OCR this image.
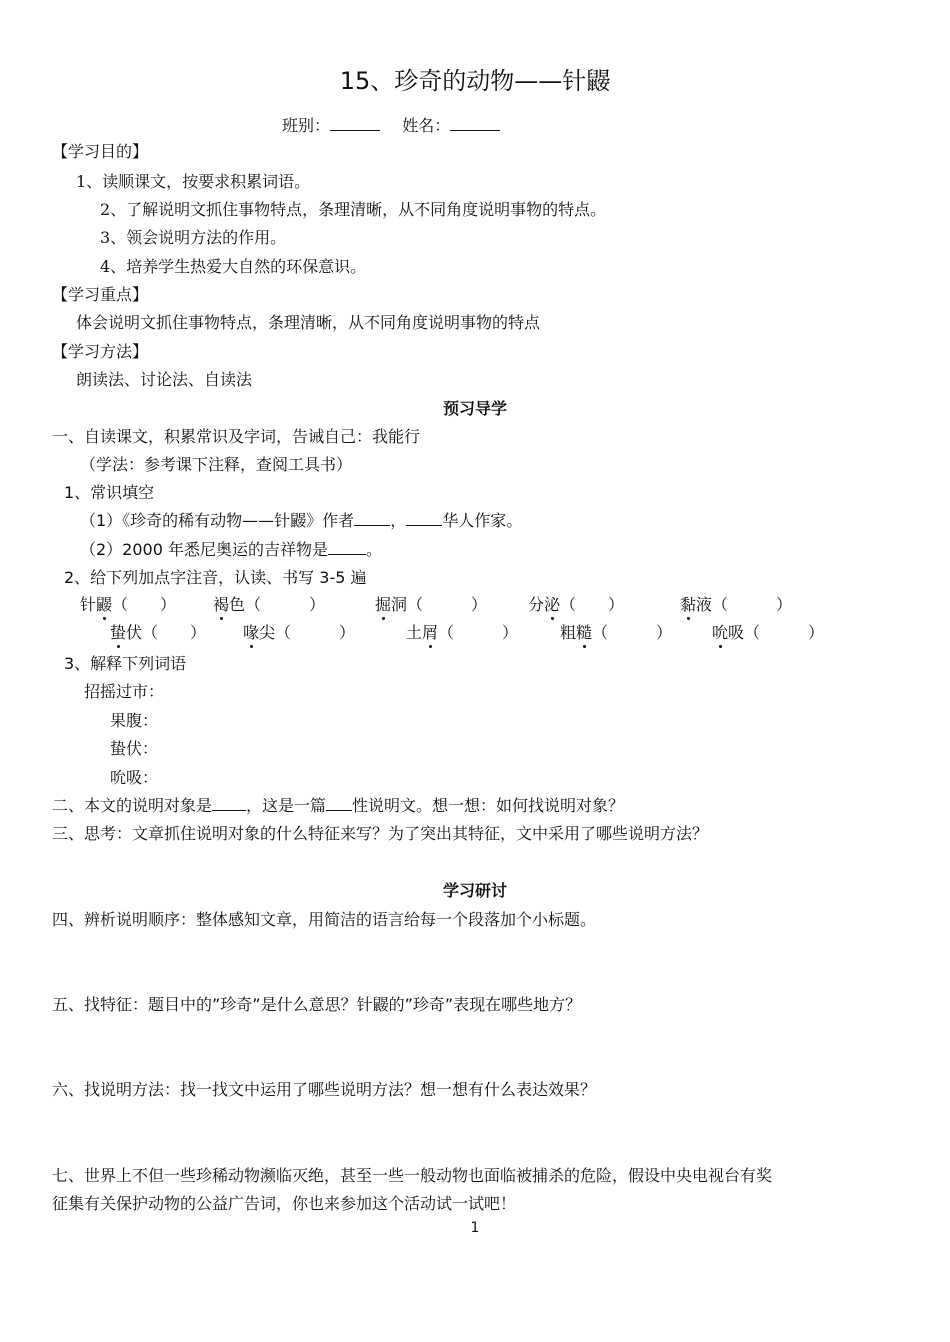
15、珍奇的动物——针鼹
班别：	姓名：
【学习目的】
1、读顺课文，按要求积累词语。
2、了解说明文抓住事物特点，条理清晰，从不同角度说明事物的特点。
3、领会说明方法的作用。
4、培养学生热爱大自然的环保意识。
【学习重点】
体会说明文抓住事物特点，条理清晰，从不同角度说明事物的特点
【学习方法】
朗读法、讨论法、自读法
预习导学
一、自读课文，积累常识及字词，告诫自己：我能行
（学法：参考课下注释，查阅工具书）
1、常识填空
（1）《珍奇的稀有动物——针鼹》作者 ， 华人作家。
（2）2000 年悉尼奥运的吉祥物是 。
2、给下列加点字注音，认读、书写 3-5 遍
针鼹（　　） 褐色（　　　）	掘洞（　　　）	分泌（　　）	黏液（　　　）
蛰伏（　　） 喙尖（　　　）	土屑（　　　）	粗糙（　　　） 吮吸（　　　）
3、解释下列词语
招摇过市：
果腹：
蛰伏：
吮吸：
二、本文的说明对象是 ，这是一篇 性说明文。想一想：如何找说明对象？
三、思考：文章抓住说明对象的什么特征来写？为了突出其特征，文中采用了哪些说明方法？
学习研讨
四、辨析说明顺序：整体感知文章，用简洁的语言给每一个段落加个小标题。
五、找特征：题目中的”珍奇”是什么意思？针鼹的”珍奇”表现在哪些地方？
六、找说明方法：找一找文中运用了哪些说明方法？想一想有什么表达效果？
七、世界上不但一些珍稀动物濒临灭绝，甚至一些一般动物也面临被捕杀的危险，假设中央电视台有奖
征集有关保护动物的公益广告词，你也来参加这个活动试一试吧！
1
